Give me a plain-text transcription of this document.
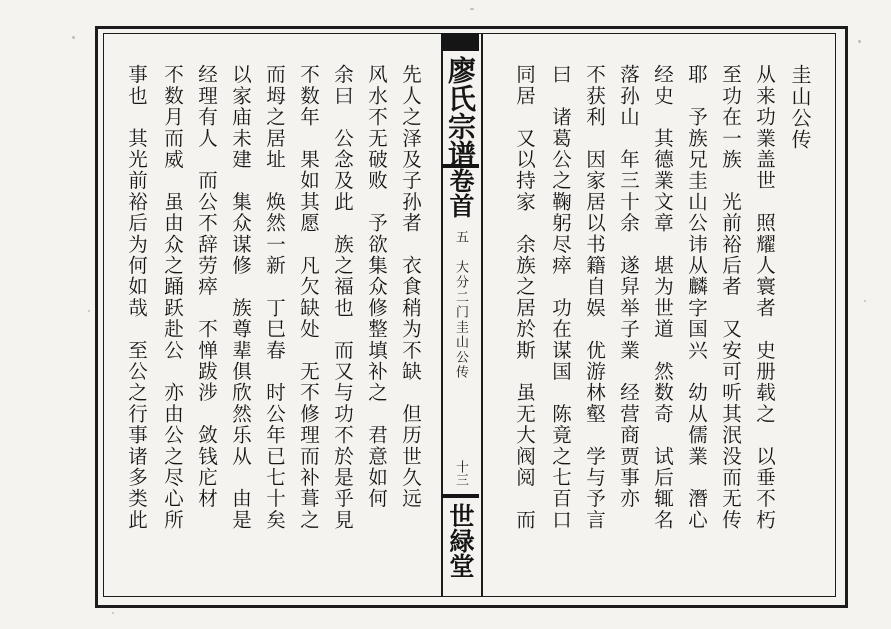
廖氏宗谱
卷首
五　大分二门圭山公传
十三
世緑堂
圭山公传
从来功業盖世　照耀人寰者　史册载之　以垂不朽
至功在一族　光前裕后者　又安可听其泯没而无传
耶　予族兄圭山公讳从麟字国兴　幼从儒業　潛心
经史　其德業文章　堪为世道　然数奇　试后辄名
落孙山　年三十余　遂舁举子業　经营商贾事亦
不获利　因家居以书籍自娱　优游林壑　学与予言
曰　诸葛公之鞠躬尽瘁　功在谋国　陈竟之七百口
同居　又以持家　余族之居於斯　虽无大阀阅　而
先人之泽及子孙者　衣食稍为不缺　但历世久远
风水不无破败　予欲集众修整填补之　君意如何
余曰　公念及此　族之福也　而又与功不於是乎見
不数年　果如其愿　凡欠缺处　无不修理而补葺之
而坶之居址　焕然一新　丁巳春　时公年已七十矣
以家庙未建　集众谋修　族尊辈俱欣然乐从　由是
经理有人　而公不辞劳瘁　不惮跋涉　敛钱庀材
不数月而威　虽由众之踊跃赴公　亦由公之尽心所
事也　其光前裕后为何如哉　至公之行事诸多类此
